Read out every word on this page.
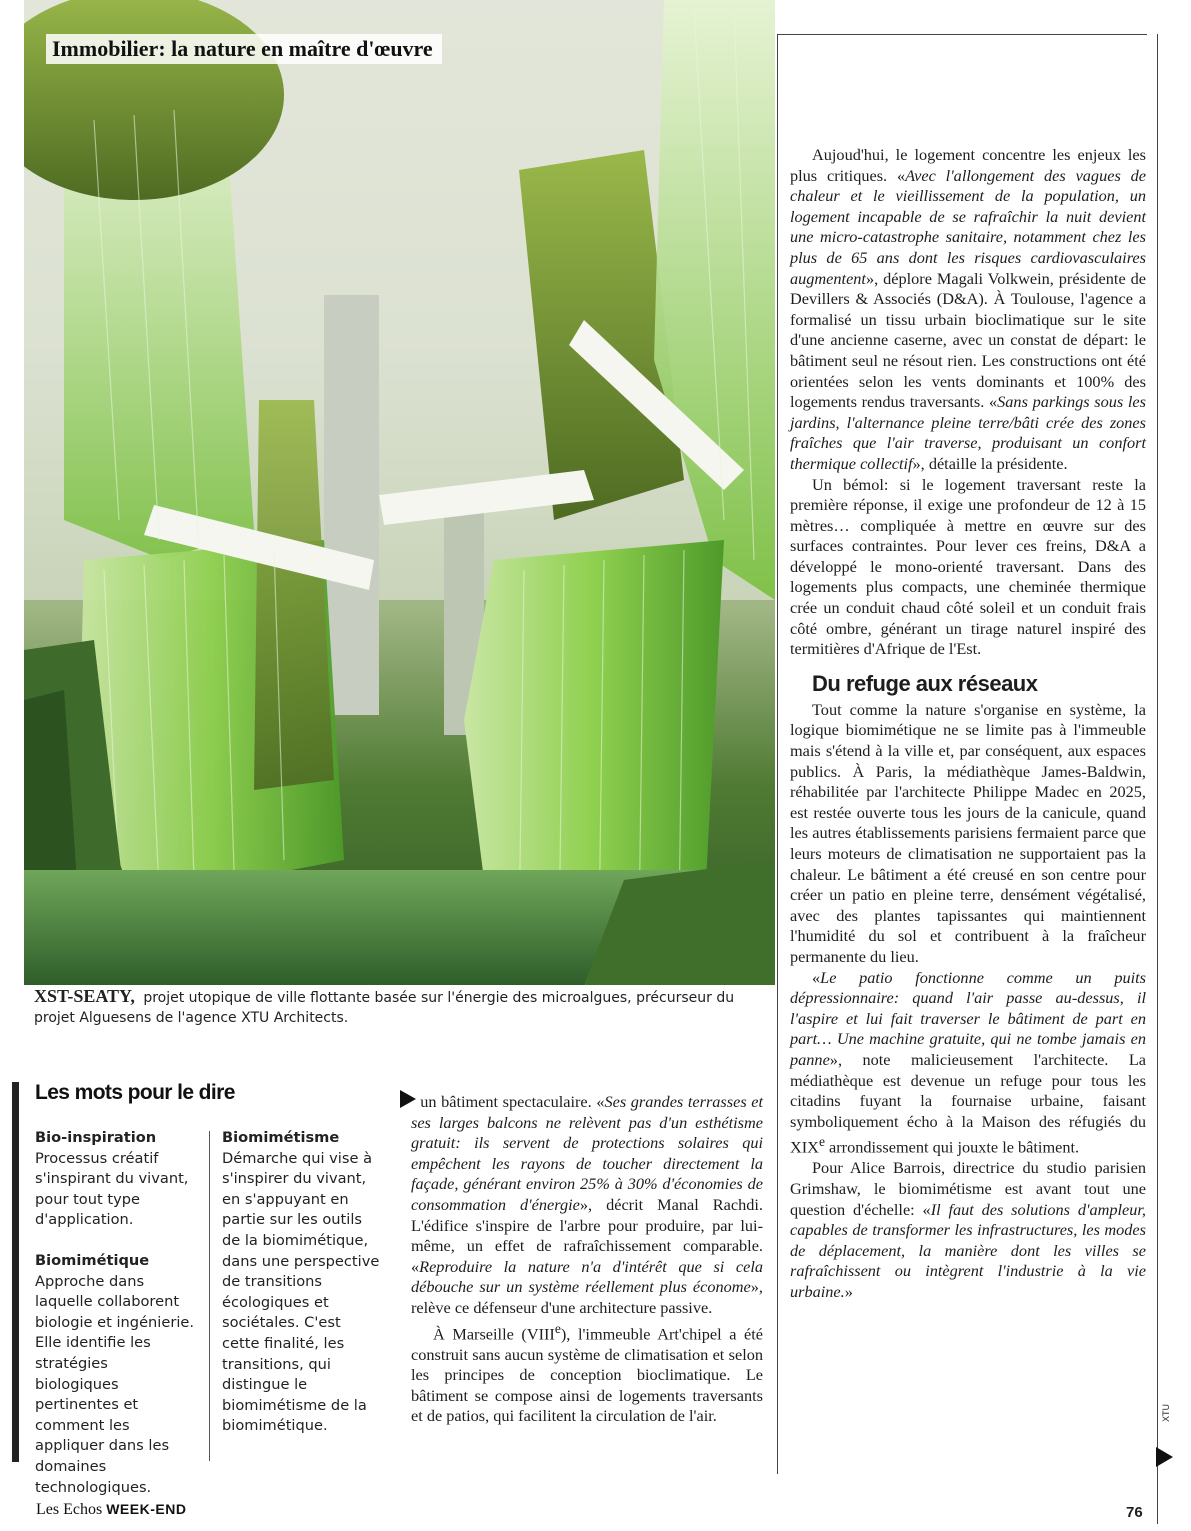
Immobilier: la nature en maître d'œuvre
XST-SEATY, projet utopique de ville flottante basée sur l'énergie des microalgues, précurseur du projet Alguesens de l'agence XTU Architects.

Aujoud'hui, le logement concentre les enjeux les plus critiques. «Avec l'allongement des vagues de chaleur et le vieillissement de la population, un logement incapable de se rafraîchir la nuit devient une micro-catastrophe sanitaire, notamment chez les plus de 65 ans dont les risques cardiovasculaires augmentent», déplore Magali Volkwein, présidente de Devillers & Associés (D&A). À Toulouse, l'agence a formalisé un tissu urbain bioclimatique sur le site d'une ancienne caserne, avec un constat de départ: le bâtiment seul ne résout rien. Les constructions ont été orientées selon les vents dominants et 100% des logements rendus traversants. «Sans parkings sous les jardins, l'alternance pleine terre/bâti crée des zones fraîches que l'air traverse, produisant un confort thermique collectif», détaille la présidente.

Un bémol: si le logement traversant reste la première réponse, il exige une profondeur de 12 à 15 mètres… compliquée à mettre en œuvre sur des surfaces contraintes. Pour lever ces freins, D&A a développé le mono-orienté traversant. Dans des logements plus compacts, une cheminée thermique crée un conduit chaud côté soleil et un conduit frais côté ombre, générant un tirage naturel inspiré des termitières d'Afrique de l'Est.

Du refuge aux réseaux

Tout comme la nature s'organise en système, la logique biomimétique ne se limite pas à l'immeuble mais s'étend à la ville et, par conséquent, aux espaces publics. À Paris, la médiathèque James-Baldwin, réhabilitée par l'architecte Philippe Madec en 2025, est restée ouverte tous les jours de la canicule, quand les autres établissements parisiens fermaient parce que leurs moteurs de climatisation ne supportaient pas la chaleur. Le bâtiment a été creusé en son centre pour créer un patio en pleine terre, densément végétalisé, avec des plantes tapissantes qui maintiennent l'humidité du sol et contribuent à la fraîcheur permanente du lieu.

«Le patio fonctionne comme un puits dépressionnaire: quand l'air passe au-dessus, il l'aspire et lui fait traverser le bâtiment de part en part… Une machine gratuite, qui ne tombe jamais en panne», note malicieusement l'architecte. La médiathèque est devenue un refuge pour tous les citadins fuyant la fournaise urbaine, faisant symboliquement écho à la Maison des réfugiés du XIXe arrondissement qui jouxte le bâtiment.

Pour Alice Barrois, directrice du studio parisien Grimshaw, le biomimétisme est avant tout une question d'échelle: «Il faut des solutions d'ampleur, capables de transformer les infrastructures, les modes de déplacement, la manière dont les villes se rafraîchissent ou intègrent l'industrie à la vie urbaine.»

Les mots pour le dire
Bio-inspiration
Processus créatif s'inspirant du vivant, pour tout type d'application.
Biomimétique
Approche dans laquelle collaborent biologie et ingénierie. Elle identifie les stratégies biologiques pertinentes et comment les appliquer dans les domaines technologiques.
Biomimétisme
Démarche qui vise à s'inspirer du vivant, en s'appuyant en partie sur les outils de la biomimétique, dans une perspective de transitions écologiques et sociétales. C'est cette finalité, les transitions, qui distingue le biomimétisme de la biomimétique.

un bâtiment spectaculaire. «Ses grandes terrasses et ses larges balcons ne relèvent pas d'un esthétisme gratuit: ils servent de protections solaires qui empêchent les rayons de toucher directement la façade, générant environ 25% à 30% d'économies de consommation d'énergie», décrit Manal Rachdi. L'édifice s'inspire de l'arbre pour produire, par lui-même, un effet de rafraîchissement comparable. «Reproduire la nature n'a d'intérêt que si cela débouche sur un système réellement plus économe», relève ce défenseur d'une architecture passive.

À Marseille (VIIIe), l'immeuble Art'chipel a été construit sans aucun système de climatisation et selon les principes de conception bioclimatique. Le bâtiment se compose ainsi de logements traversants et de patios, qui facilitent la circulation de l'air.	XTU
Les Echos WEEK-END	76
